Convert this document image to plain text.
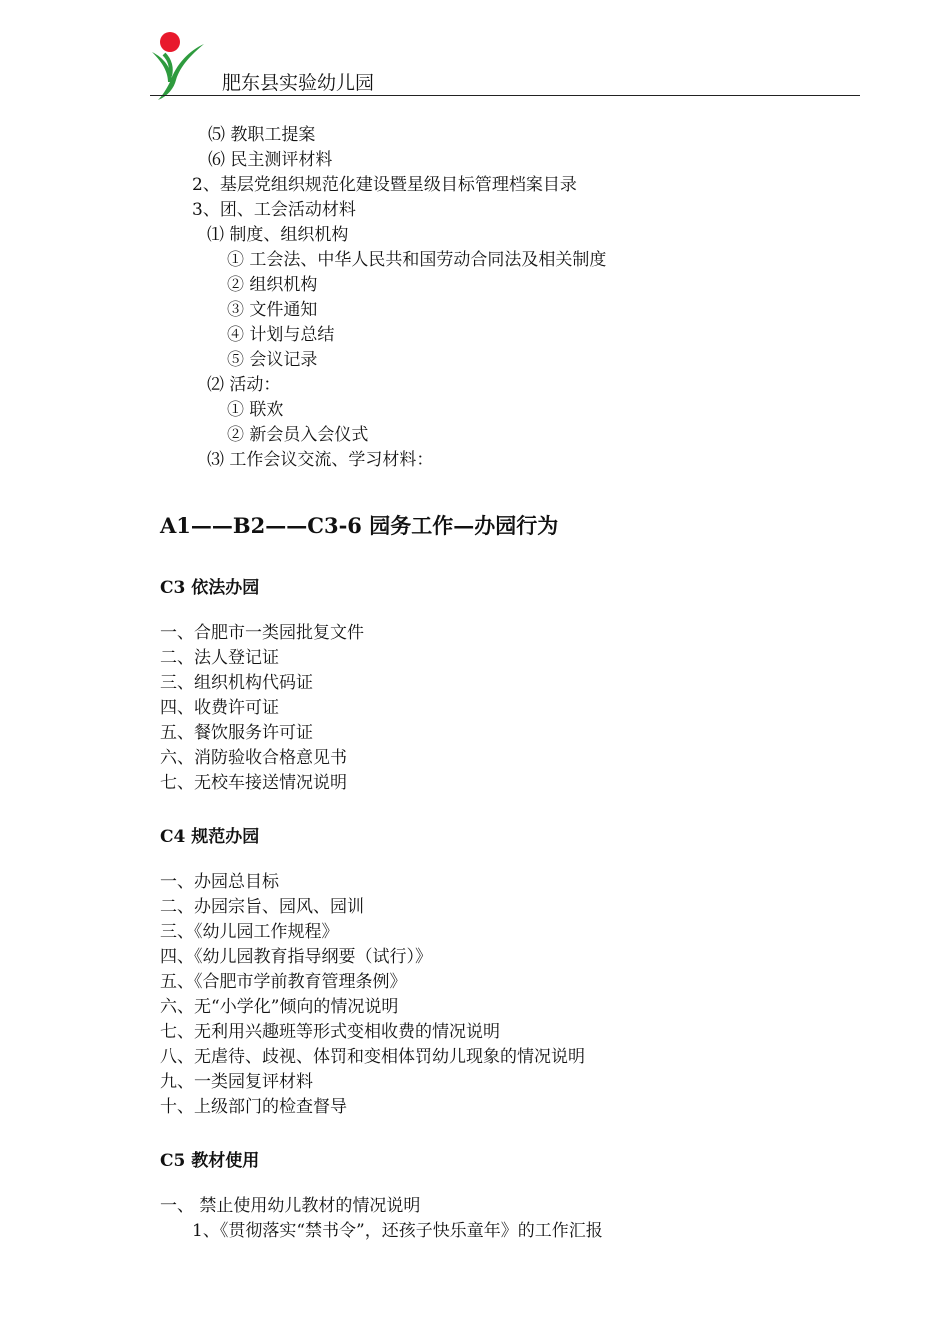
肥东县实验幼儿园
⑸ 教职工提案
⑹ 民主测评材料
2、基层党组织规范化建设暨星级目标管理档案目录
3、团、工会活动材料
⑴ 制度、组织机构
① 工会法、中华人民共和国劳动合同法及相关制度
② 组织机构
③ 文件通知
④ 计划与总结
⑤ 会议记录
⑵ 活动：
① 联欢
② 新会员入会仪式
⑶ 工作会议交流、学习材料：
A1——B2——C3-6 园务工作—办园行为
C3 依法办园
一、合肥市一类园批复文件
二、法人登记证
三、组织机构代码证
四、收费许可证
五、餐饮服务许可证
六、消防验收合格意见书
七、无校车接送情况说明
C4 规范办园
一、办园总目标
二、办园宗旨、园风、园训
三、《幼儿园工作规程》
四、《幼儿园教育指导纲要（试行）》
五、《合肥市学前教育管理条例》
六、无“小学化”倾向的情况说明
七、无利用兴趣班等形式变相收费的情况说明
八、无虐待、歧视、体罚和变相体罚幼儿现象的情况说明
九、一类园复评材料
十、上级部门的检查督导
C5 教材使用
一、 禁止使用幼儿教材的情况说明
1、《贯彻落实“禁书令”，还孩子快乐童年》的工作汇报
